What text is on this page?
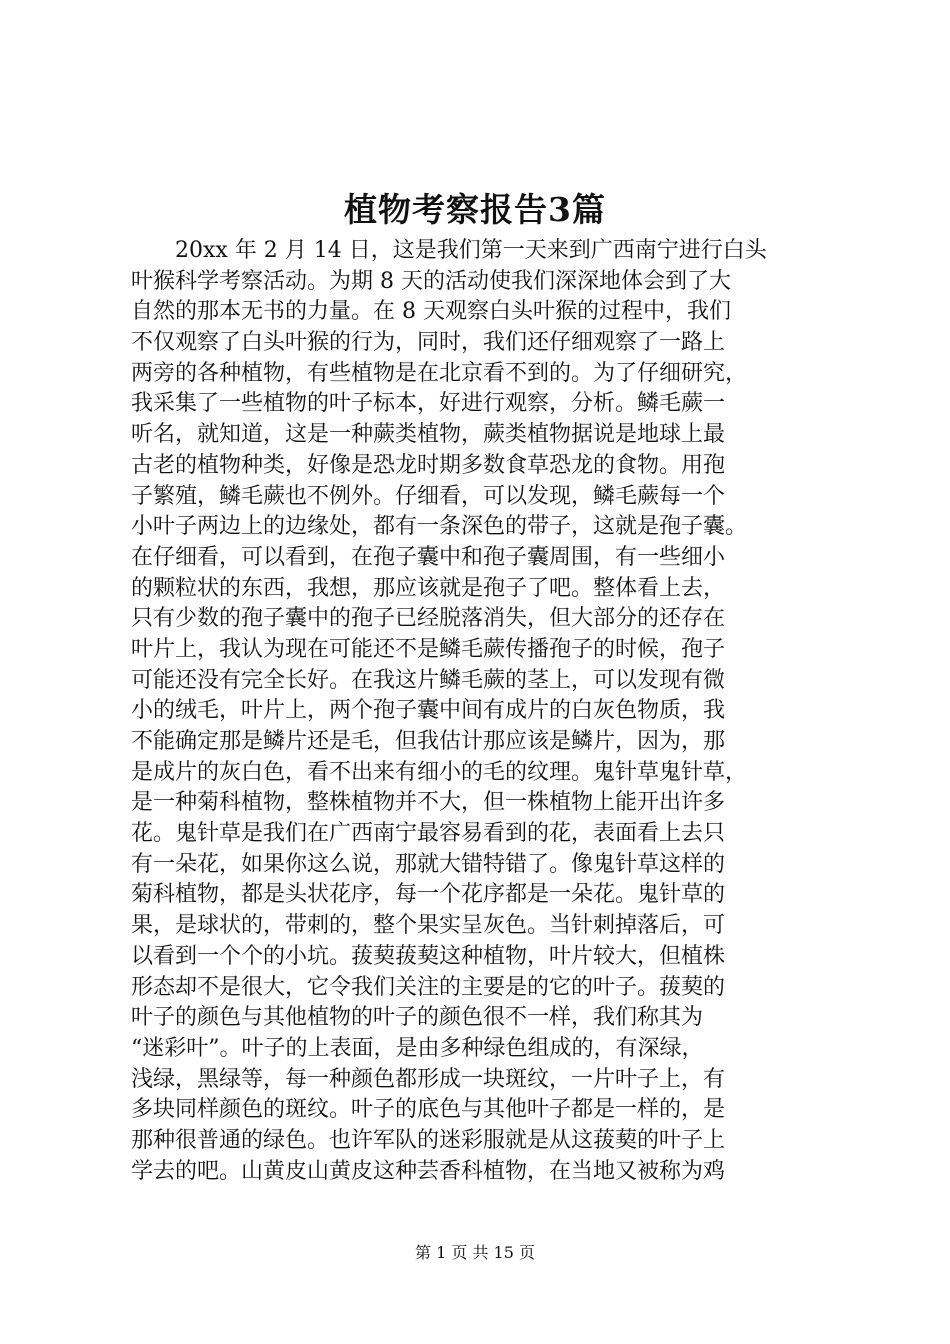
植物考察报告3篇
20xx 年 2 月 14 日，这是我们第一天来到广西南宁进行白头
叶猴科学考察活动。为期 8 天的活动使我们深深地体会到了大
自然的那本无书的力量。在 8 天观察白头叶猴的过程中，我们
不仅观察了白头叶猴的行为，同时，我们还仔细观察了一路上
两旁的各种植物，有些植物是在北京看不到的。为了仔细研究，
我采集了一些植物的叶子标本，好进行观察，分析。鳞毛蕨一
听名，就知道，这是一种蕨类植物，蕨类植物据说是地球上最
古老的植物种类，好像是恐龙时期多数食草恐龙的食物。用孢
子繁殖，鳞毛蕨也不例外。仔细看，可以发现，鳞毛蕨每一个
小叶子两边上的边缘处，都有一条深色的带子，这就是孢子囊。
在仔细看，可以看到，在孢子囊中和孢子囊周围，有一些细小
的颗粒状的东西，我想，那应该就是孢子了吧。整体看上去，
只有少数的孢子囊中的孢子已经脱落消失，但大部分的还存在
叶片上，我认为现在可能还不是鳞毛蕨传播孢子的时候，孢子
可能还没有完全长好。在我这片鳞毛蕨的茎上，可以发现有微
小的绒毛，叶片上，两个孢子囊中间有成片的白灰色物质，我
不能确定那是鳞片还是毛，但我估计那应该是鳞片，因为，那
是成片的灰白色，看不出来有细小的毛的纹理。鬼针草鬼针草，
是一种菊科植物，整株植物并不大，但一株植物上能开出许多
花。鬼针草是我们在广西南宁最容易看到的花，表面看上去只
有一朵花，如果你这么说，那就大错特错了。像鬼针草这样的
菊科植物，都是头状花序，每一个花序都是一朵花。鬼针草的
果，是球状的，带刺的，整个果实呈灰色。当针刺掉落后，可
以看到一个个的小坑。菝葜菝葜这种植物，叶片较大，但植株
形态却不是很大，它令我们关注的主要是的它的叶子。菝葜的
叶子的颜色与其他植物的叶子的颜色很不一样，我们称其为
“迷彩叶”。叶子的上表面，是由多种绿色组成的，有深绿，
浅绿，黑绿等，每一种颜色都形成一块斑纹，一片叶子上，有
多块同样颜色的斑纹。叶子的底色与其他叶子都是一样的，是
那种很普通的绿色。也许军队的迷彩服就是从这菝葜的叶子上
学去的吧。山黄皮山黄皮这种芸香科植物，在当地又被称为鸡
第 1 页 共 15 页
